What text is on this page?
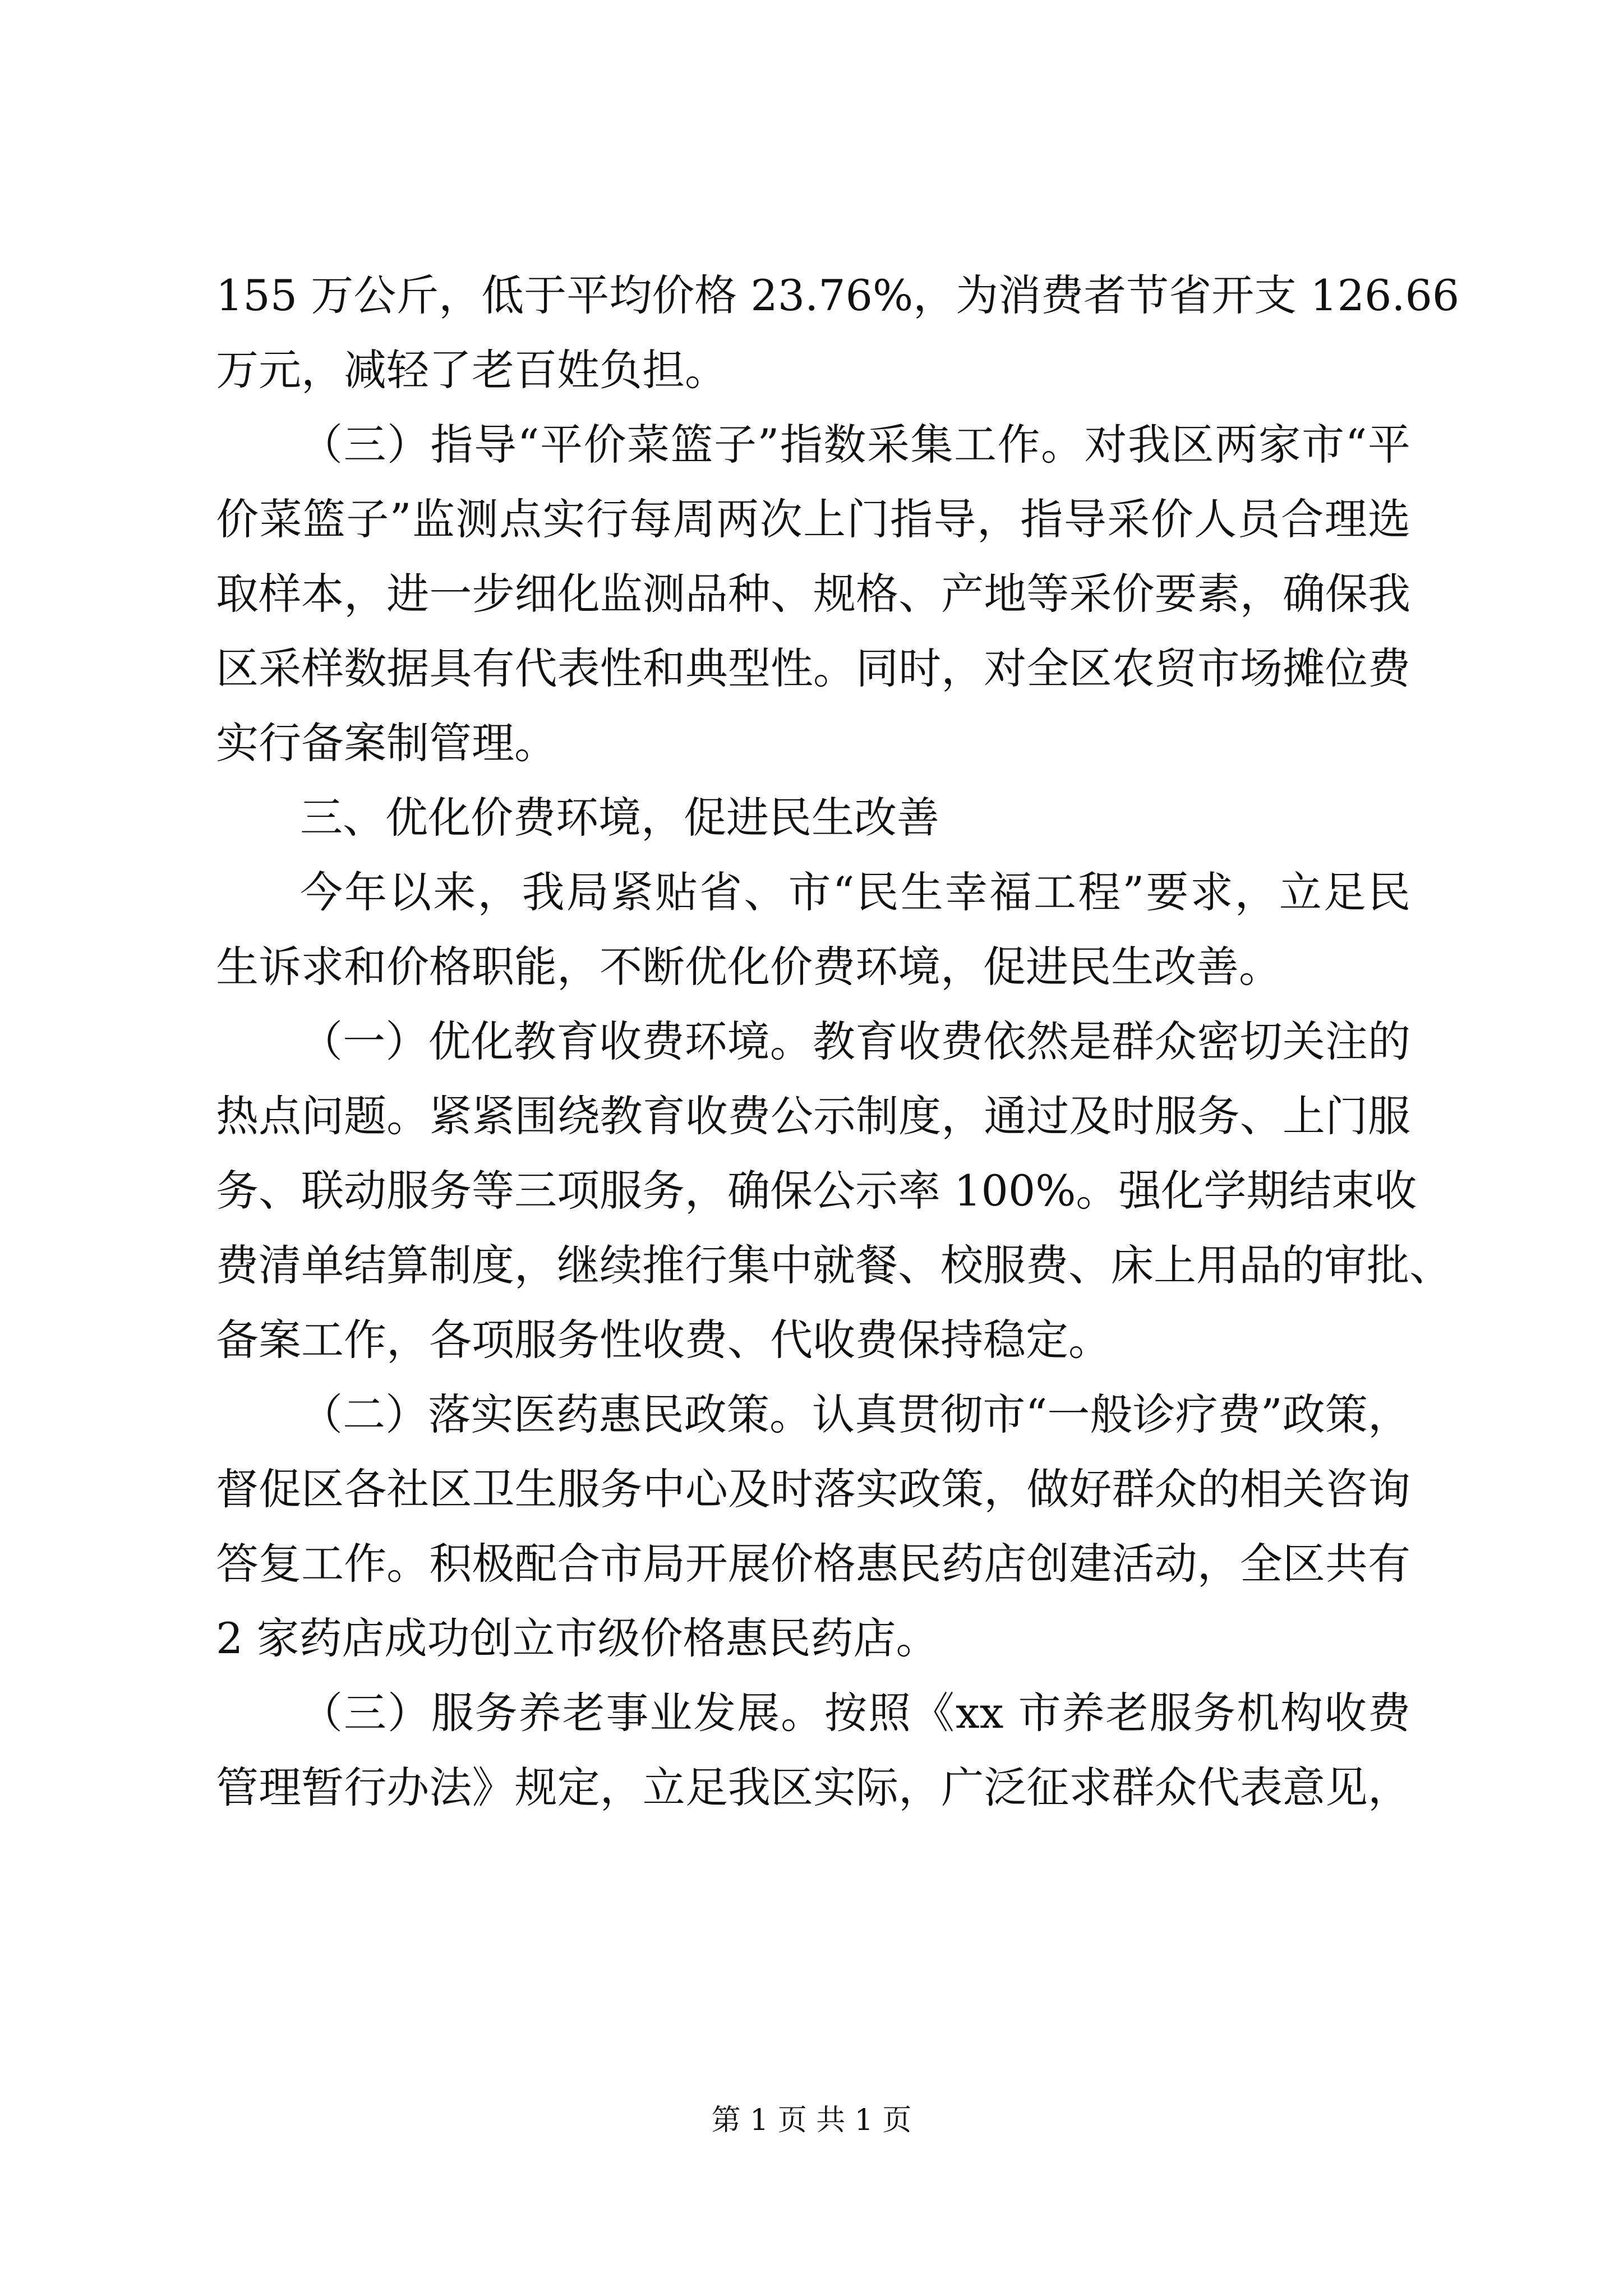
155 万公斤，低于平均价格 23.76%，为消费者节省开支 126.66
万元，减轻了老百姓负担。
（三）指导“平价菜篮子”指数采集工作。对我区两家市“平
价菜篮子”监测点实行每周两次上门指导，指导采价人员合理选
取样本，进一步细化监测品种、规格、产地等采价要素，确保我
区采样数据具有代表性和典型性。同时，对全区农贸市场摊位费
实行备案制管理。
三、优化价费环境，促进民生改善
今年以来，我局紧贴省、市“民生幸福工程”要求，立足民
生诉求和价格职能，不断优化价费环境，促进民生改善。
（一）优化教育收费环境。教育收费依然是群众密切关注的
热点问题。紧紧围绕教育收费公示制度，通过及时服务、上门服
务、联动服务等三项服务，确保公示率 100%。强化学期结束收
费清单结算制度，继续推行集中就餐、校服费、床上用品的审批、
备案工作，各项服务性收费、代收费保持稳定。
（二）落实医药惠民政策。认真贯彻市“一般诊疗费”政策，
督促区各社区卫生服务中心及时落实政策，做好群众的相关咨询
答复工作。积极配合市局开展价格惠民药店创建活动，全区共有
2 家药店成功创立市级价格惠民药店。
（三）服务养老事业发展。按照《xx 市养老服务机构收费
管理暂行办法》规定，立足我区实际，广泛征求群众代表意见，
第 1 页 共 1 页
